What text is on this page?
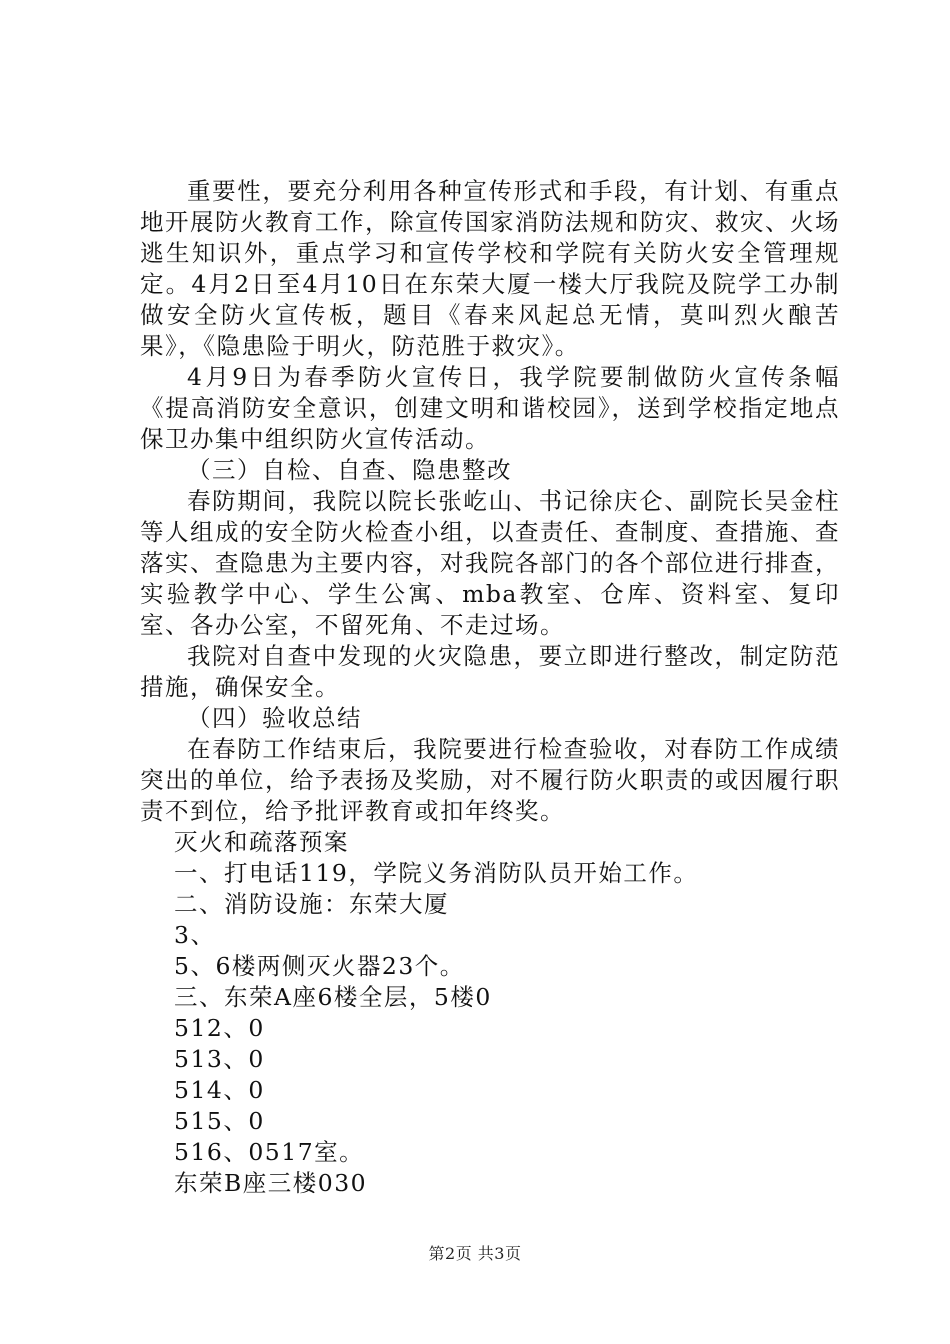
重要性，要充分利用各种宣传形式和手段，有计划、有重点地开展防火教育工作，除宣传国家消防法规和防灾、救灾、火场逃生知识外，重点学习和宣传学校和学院有关防火安全管理规定。4月2日至4月10日在东荣大厦一楼大厅我院及院学工办制做安全防火宣传板，题目《春来风起总无情，莫叫烈火酿苦果》，《隐患险于明火，防范胜于救灾》。

4月9日为春季防火宣传日，我学院要制做防火宣传条幅《提高消防安全意识，创建文明和谐校园》，送到学校指定地点保卫办集中组织防火宣传活动。

（三）自检、自查、隐患整改

春防期间，我院以院长张屹山、书记徐庆仑、副院长吴金柱等人组成的安全防火检查小组，以查责任、查制度、查措施、查落实、查隐患为主要内容，对我院各部门的各个部位进行排查，实验教学中心、学生公寓、mba教室、仓库、资料室、复印室、各办公室，不留死角、不走过场。

我院对自查中发现的火灾隐患，要立即进行整改，制定防范措施，确保安全。

（四）验收总结

在春防工作结束后，我院要进行检查验收，对春防工作成绩突出的单位，给予表扬及奖励，对不履行防火职责的或因履行职责不到位，给予批评教育或扣年终奖。

灭火和疏落预案

一、打电话119，学院义务消防队员开始工作。

二、消防设施：东荣大厦

3、

5、6楼两侧灭火器23个。

三、东荣A座6楼全层，5楼0

512、0

513、0

514、0

515、0

516、0517室。

东荣B座三楼030

第2页 共3页
